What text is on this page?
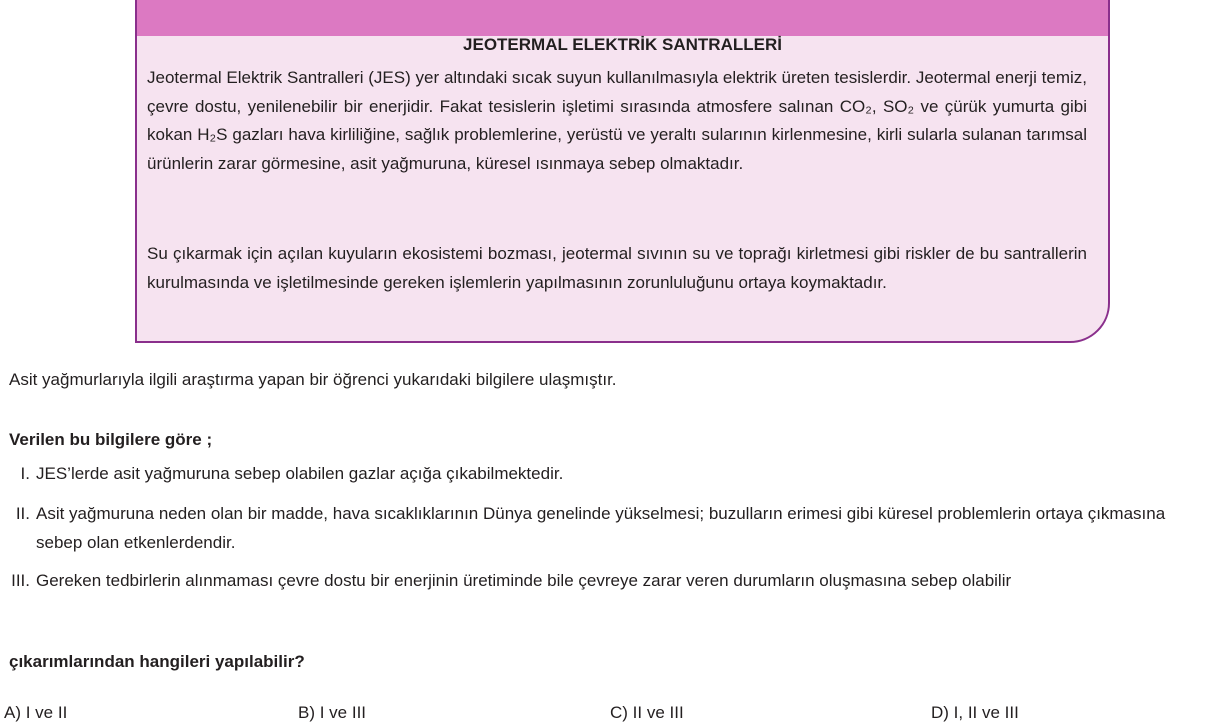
JEOTERMAL ELEKTRİK SANTRALLERİ

Jeotermal Elektrik Santralleri (JES) yer altındaki sıcak suyun kullanılmasıyla elektrik üreten tesislerdir. Jeotermal enerji temiz, çevre dostu, yenilenebilir bir enerjidir. Fakat tesislerin işletimi sırasında atmosfere salınan CO₂, SO₂ ve çürük yumurta gibi kokan H₂S gazları hava kirliliğine, sağlık problemlerine, yerüstü ve yeraltı sularının kirlenmesine, kirli sularla sulanan tarımsal ürünlerin zarar görmesine, asit yağmuruna, küresel ısınmaya sebep olmaktadır.

Su çıkarmak için açılan kuyuların ekosistemi bozması, jeotermal sıvının su ve toprağı kirletmesi gibi riskler de bu santrallerin kurulmasında ve işletilmesinde gereken işlemlerin yapılmasının zorunluluğunu ortaya koymaktadır.

Asit yağmurlarıyla ilgili araştırma yapan bir öğrenci yukarıdaki bilgilere ulaşmıştır.

Verilen bu bilgilere göre ;

I. JES’lerde asit yağmuruna sebep olabilen gazlar açığa çıkabilmektedir.
II. Asit yağmuruna neden olan bir madde, hava sıcaklıklarının Dünya genelinde yükselmesi; buzulların erimesi gibi küresel problemlerin ortaya çıkmasına sebep olan etkenlerdendir.
III. Gereken tedbirlerin alınmaması çevre dostu bir enerjinin üretiminde bile çevreye zarar veren durumların oluşmasına sebep olabilir

çıkarımlarından hangileri yapılabilir?

A) I ve II	B) I ve III	C) II ve III	D) I, II ve III
